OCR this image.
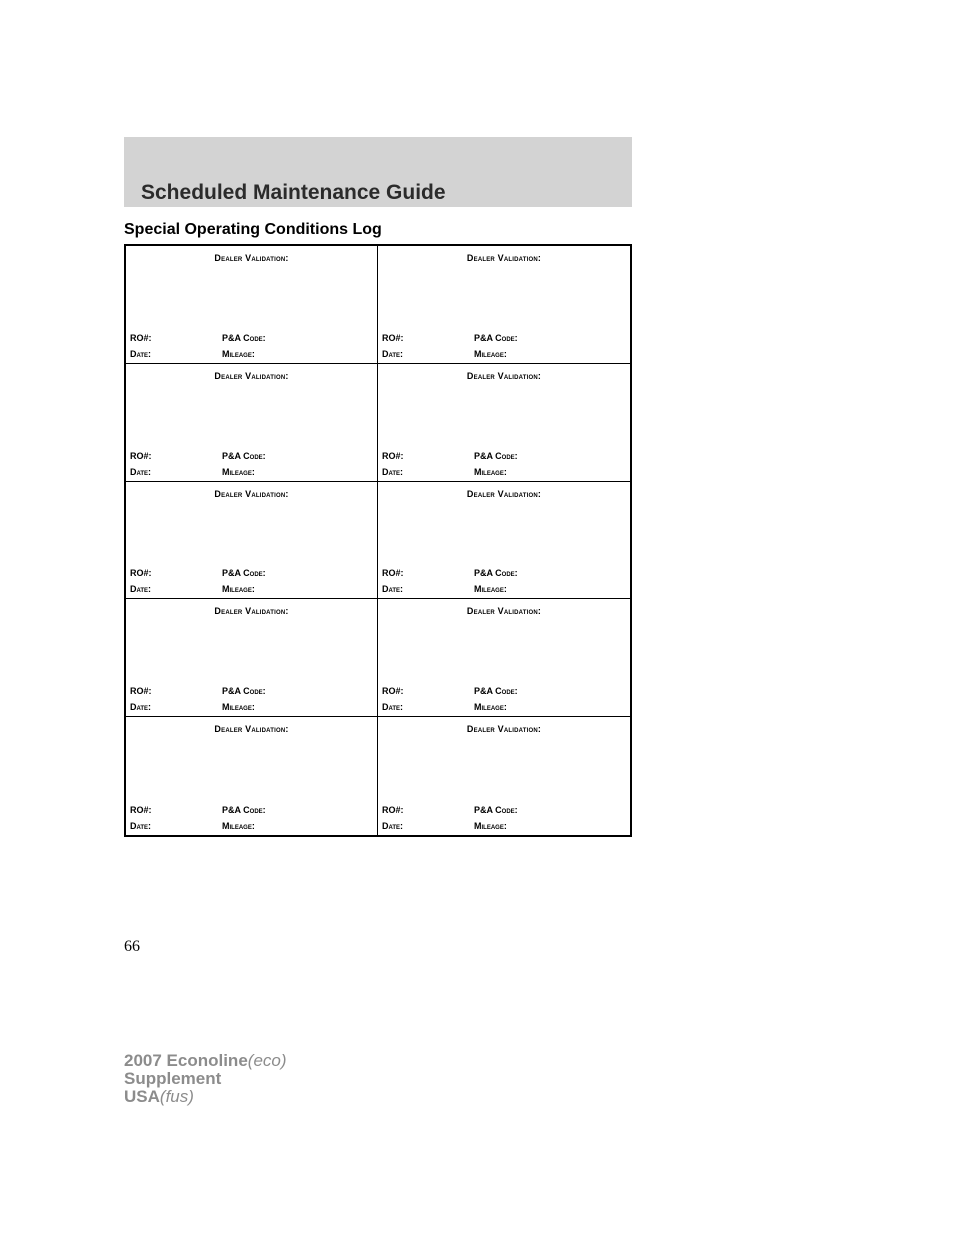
Scheduled Maintenance Guide
Special Operating Conditions Log
Dealer Validation:
RO#:	P&A Code:
Date:	Mileage:
Dealer Validation:
RO#:	P&A Code:
Date:	Mileage:
Dealer Validation:
RO#:	P&A Code:
Date:	Mileage:
Dealer Validation:
RO#:	P&A Code:
Date:	Mileage:
Dealer Validation:
RO#:	P&A Code:
Date:	Mileage:
Dealer Validation:
RO#:	P&A Code:
Date:	Mileage:
Dealer Validation:
RO#:	P&A Code:
Date:	Mileage:
Dealer Validation:
RO#:	P&A Code:
Date:	Mileage:
Dealer Validation:
RO#:	P&A Code:
Date:	Mileage:
Dealer Validation:
RO#:	P&A Code:
Date:	Mileage:
66
2007 Econoline(eco)
Supplement
USA(fus)
